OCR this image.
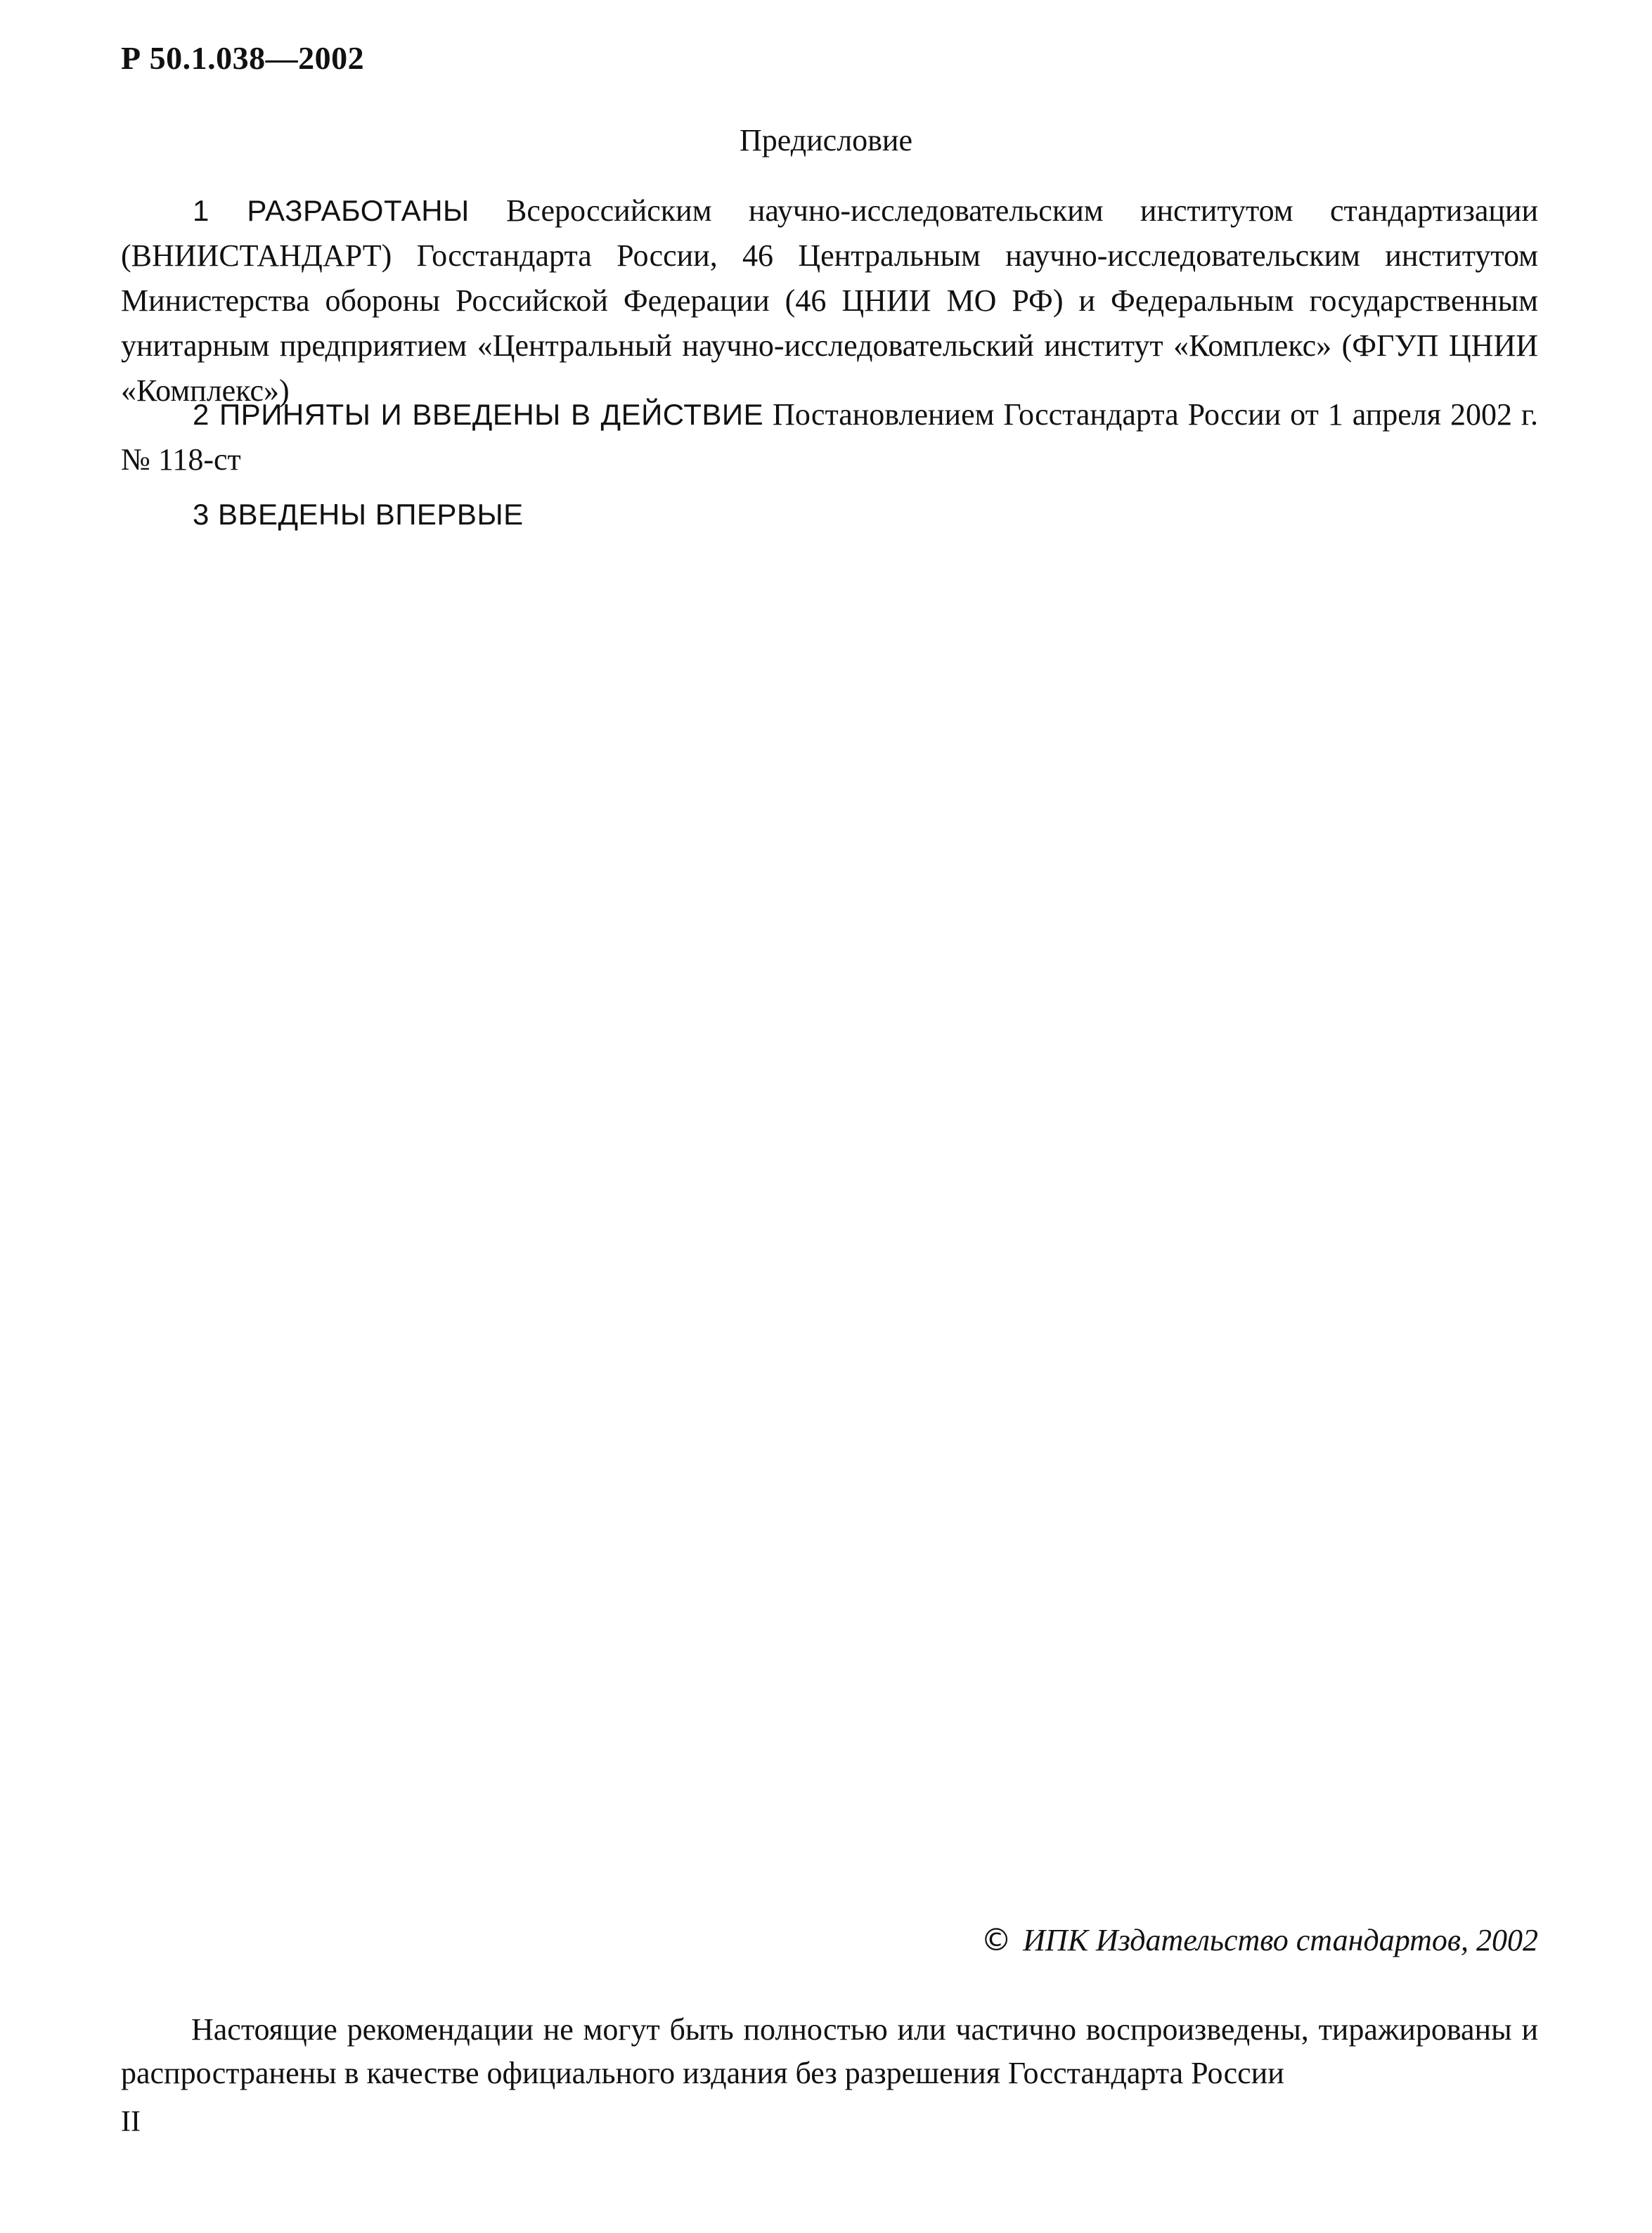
Р 50.1.038—2002
Предисловие

1 РАЗРАБОТАНЫ Всероссийским научно-исследовательским институтом стандартизации (ВНИИСТАНДАРТ) Госстандарта России, 46 Центральным научно-исследовательским институтом Министерства обороны Российской Федерации (46 ЦНИИ МО РФ) и Федеральным государственным унитарным предприятием «Центральный научно-исследовательский институт «Комплекс» (ФГУП ЦНИИ «Комплекс»)

2 ПРИНЯТЫ И ВВЕДЕНЫ В ДЕЙСТВИЕ Постановлением Госстандарта России от 1 апреля 2002 г. № 118-ст

3 ВВЕДЕНЫ ВПЕРВЫЕ

© ИПК Издательство стандартов, 2002

Настоящие рекомендации не могут быть полностью или частично воспроизведены, тиражированы и распространены в качестве официального издания без разрешения Госстандарта России

II
